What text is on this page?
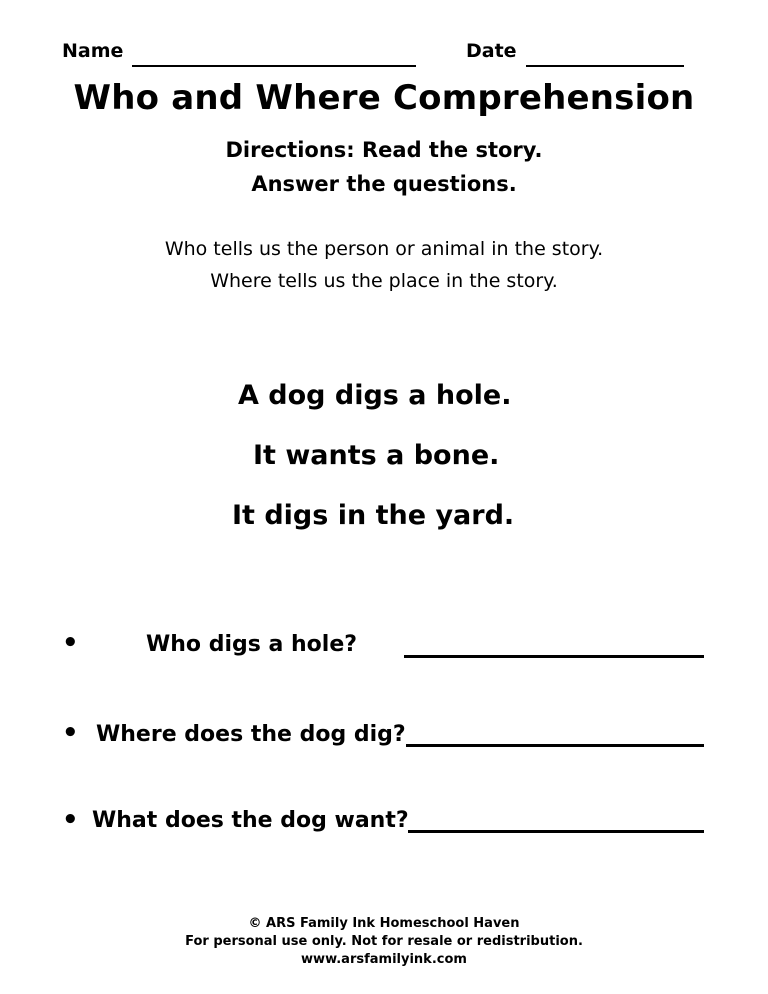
Name	Date
Who and Where Comprehension
Directions: Read the story.
Answer the questions.
Who tells us the person or animal in the story.
Where tells us the place in the story.
A dog digs a hole.
It wants a bone.
It digs in the yard.
•	Who digs a hole?
• Where does the dog dig?
• What does the dog want?
© ARS Family Ink Homeschool Haven
For personal use only. Not for resale or redistribution.
www.arsfamilyink.com
